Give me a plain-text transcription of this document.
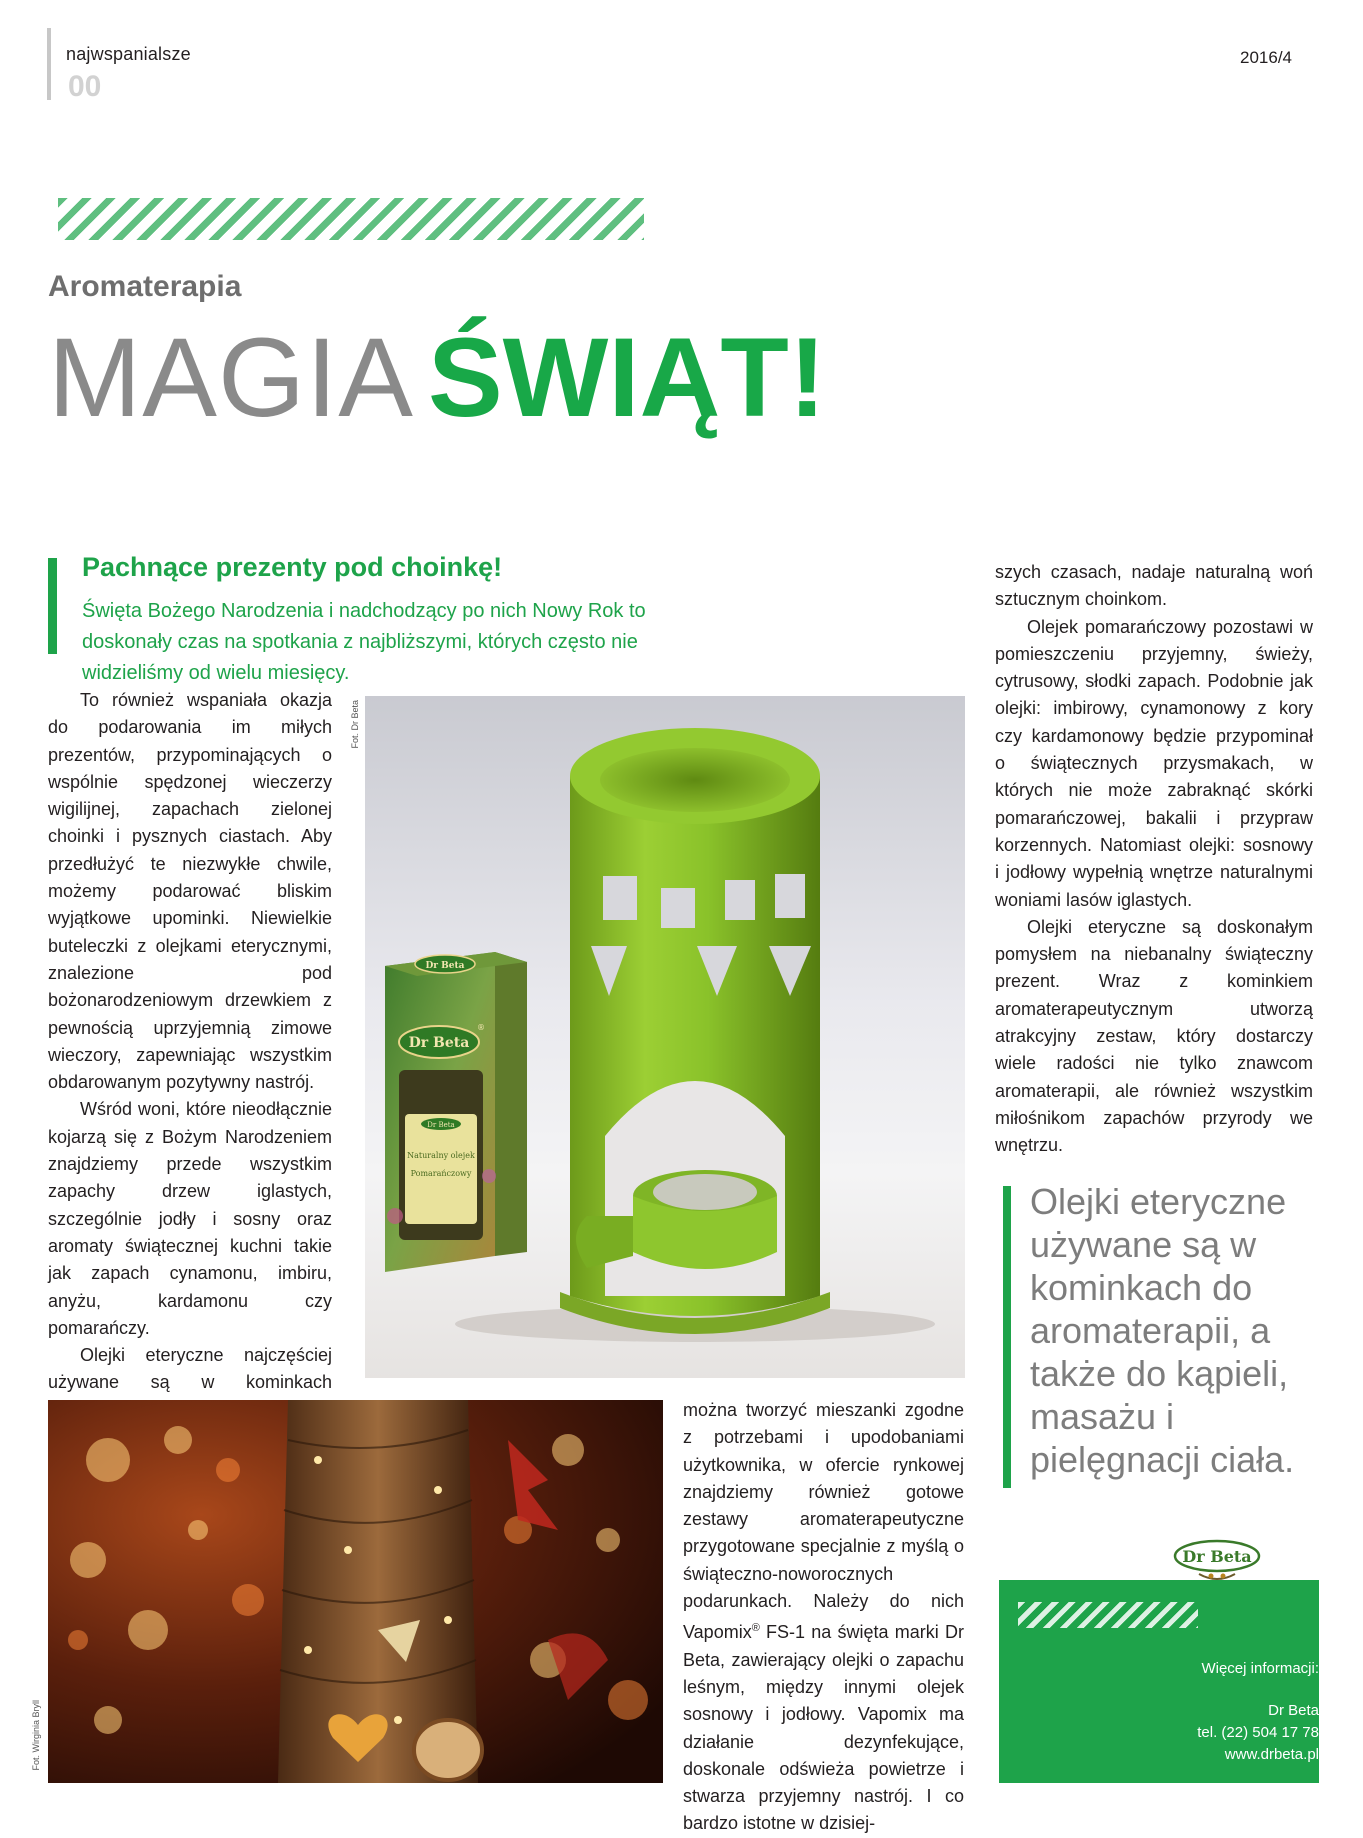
najwspanialsze
00
2016/4
Aromaterapia
MAGIA ŚWIĄT!
Pachnące prezenty pod choinkę!
Święta Bożego Narodzenia i nadchodzący po nich Nowy Rok to doskonały czas na spotkania z najbliższymi, których często nie widzieliśmy od wielu miesięcy.

To również wspaniała okazja do podarowania im miłych prezentów, przypominających o wspólnie spędzonej wieczerzy wigilijnej, zapachach zielonej choinki i pysznych ciastach. Aby przedłużyć te niezwykłe chwile, możemy podarować bliskim wyjątkowe upominki. Niewielkie buteleczki z olejkami eterycznymi, znalezione pod bożonarodzeniowym drzewkiem z pewnością uprzyjemnią zimowe wieczory, zapewniając wszystkim obdarowanym pozytywny nastrój.

Wśród woni, które nieodłącznie kojarzą się z Bożym Narodzeniem znajdziemy przede wszystkim zapachy drzew iglastych, szczególnie jodły i sosny oraz aromaty świątecznej kuchni takie jak zapach cynamonu, imbiru, anyżu, kardamonu czy pomarańczy.

Olejki eteryczne najczęściej używane są w kominkach

Fot. Dr Beta
Dr Beta
®
Dr Beta
Dr Beta
Naturalny olejek
Pomarańczowy

szych czasach, nadaje naturalną woń sztucznym choinkom.

Olejek pomarańczowy pozostawi w pomieszczeniu przyjemny, świeży, cytrusowy, słodki zapach. Podobnie jak olejki: imbirowy, cynamonowy z kory czy kardamonowy będzie przypominał o świątecznych przysmakach, w których nie może zabraknąć skórki pomarańczowej, bakalii i przypraw korzennych. Natomiast olejki: sosnowy i jodłowy wypełnią wnętrze naturalnymi woniami lasów iglastych.

Olejki eteryczne są doskonałym pomysłem na niebanalny świąteczny prezent. Wraz z kominkiem aromaterapeutycznym utworzą atrakcyjny zestaw, który dostarczy wiele radości nie tylko znawcom aromaterapii, ale również wszystkim miłośnikom zapachów przyrody we wnętrzu.

Olejki eteryczne używane są w kominkach do aromaterapii, a także do kąpieli, masażu i pielęgnacji ciała.
Fot. Wirginia Bryll

można tworzyć mieszanki zgodne z potrzebami i upodobaniami użytkownika, w ofercie rynkowej znajdziemy również gotowe zestawy aromaterapeutyczne przygotowane specjalnie z myślą o świąteczno-noworocznych podarunkach. Należy do nich Vapomix® FS-1 na święta marki Dr Beta, zawierający olejki o zapachu leśnym, między innymi olejek sosnowy i jodłowy. Vapomix ma działanie dezynfekujące, doskonale odświeża powietrze i stwarza przyjemny nastrój. I co bardzo istotne w dzisiej-

Dr Beta
Więcej informacji:
Dr Beta
tel. (22) 504 17 78
www.drbeta.pl
